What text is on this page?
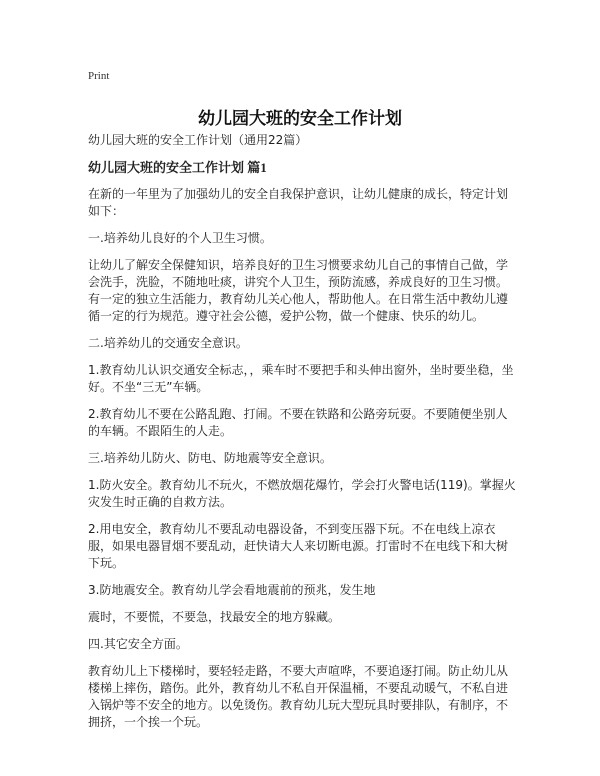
Print
幼儿园大班的安全工作计划

幼儿园大班的安全工作计划（通用22篇）

幼儿园大班的安全工作计划 篇1

在新的一年里为了加强幼儿的安全自我保护意识，让幼儿健康的成长，特定计划如下：

一.培养幼儿良好的个人卫生习惯。

让幼儿了解安全保健知识，培养良好的卫生习惯要求幼儿自己的事情自己做，学会洗手，洗脸，不随地吐痰，讲究个人卫生，预防流感，养成良好的卫生习惯。有一定的独立生活能力，教育幼儿关心他人，帮助他人。在日常生活中教幼儿遵循一定的行为规范。遵守社会公德，爱护公物，做一个健康、快乐的幼儿。

二.培养幼儿的交通安全意识。

1.教育幼儿认识交通安全标志，，乘车时不要把手和头伸出窗外，坐时要坐稳，坐好。不坐“三无”车辆。

2.教育幼儿不要在公路乱跑、打闹。不要在铁路和公路旁玩耍。不要随便坐别人的车辆。不跟陌生的人走。

三.培养幼儿防火、防电、防地震等安全意识。

1.防火安全。教育幼儿不玩火，不燃放烟花爆竹，学会打火警电话(119)。掌握火灾发生时正确的自救方法。

2.用电安全，教育幼儿不要乱动电器设备，不到变压器下玩。不在电线上凉衣服，如果电器冒烟不要乱动，赶快请大人来切断电源。打雷时不在电线下和大树下玩。

3.防地震安全。教育幼儿学会看地震前的预兆，发生地

震时，不要慌，不要急，找最安全的地方躲藏。

四.其它安全方面。

教育幼儿上下楼梯时，要轻轻走路，不要大声喧哗，不要追逐打闹。防止幼儿从楼梯上摔伤，踏伤。此外，教育幼儿不私自开保温桶，不要乱动暖气，不私自进入锅炉等不安全的地方。以免烫伤。教育幼儿玩大型玩具时要排队，有制序，不拥挤，一个挨一个玩。
